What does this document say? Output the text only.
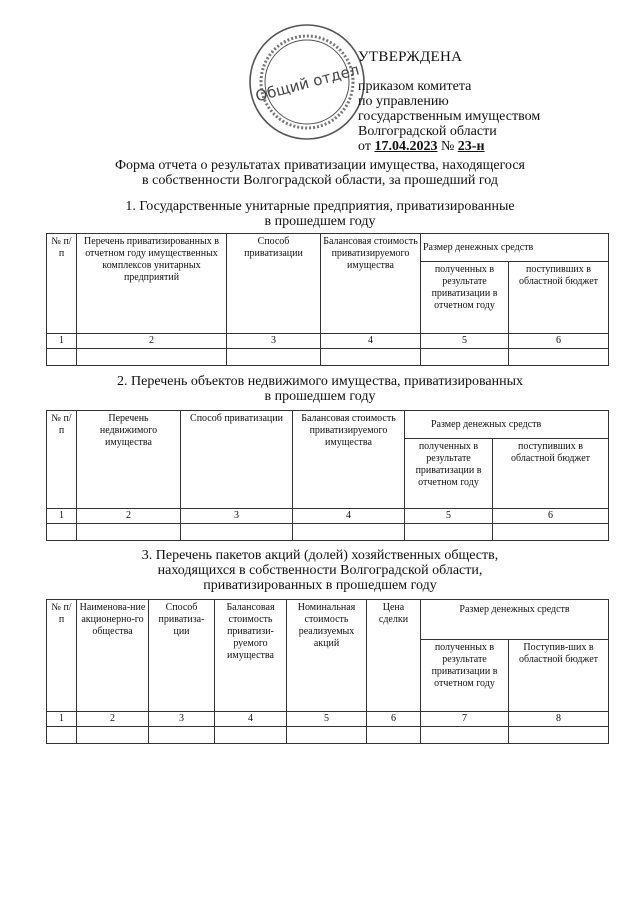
Общий отдел
УТВЕРЖДЕНА
приказом комитета
по управлению
государственным имуществом
Волгоградской области
от 17.04.2023 № 23-н
Форма отчета о результатах приватизации имущества, находящегося
в собственности Волгоградской области, за прошедший год
1. Государственные унитарные предприятия, приватизированные
в прошедшем году
№ п/п	Перечень приватизированных в отчетном году имущественных комплексов унитарных предприятий	Способ приватизации	Балансовая стоимость приватизируемого имущества	Размер денежных средств	
				полученных в результате приватизации в отчетном году	поступивших в областной бюджет
1	2	3	4	5	6

2. Перечень объектов недвижимого имущества, приватизированных
в прошедшем году
№ п/п	Перечень недвижимого имущества	Способ приватизации	Балансовая стоимость приватизируемого имущества	Размер денежных средств	
				полученных в результате приватизации в отчетном году	поступивших в областной бюджет
1	2	3	4	5	6

3. Перечень пакетов акций (долей) хозяйственных обществ,
находящихся в собственности Волгоградской области,
приватизированных в прошедшем году
№ п/п	Наименова-ние акционерно-го общества	Способ приватиза-ции	Балансовая стоимость приватизи-руемого имущества	Номинальная стоимость реализуемых акций	Цена сделки	Размер денежных средств	
						полученных в результате приватизации в отчетном году	Поступив-ших в областной бюджет
1	2	3	4	5	6	7	8
